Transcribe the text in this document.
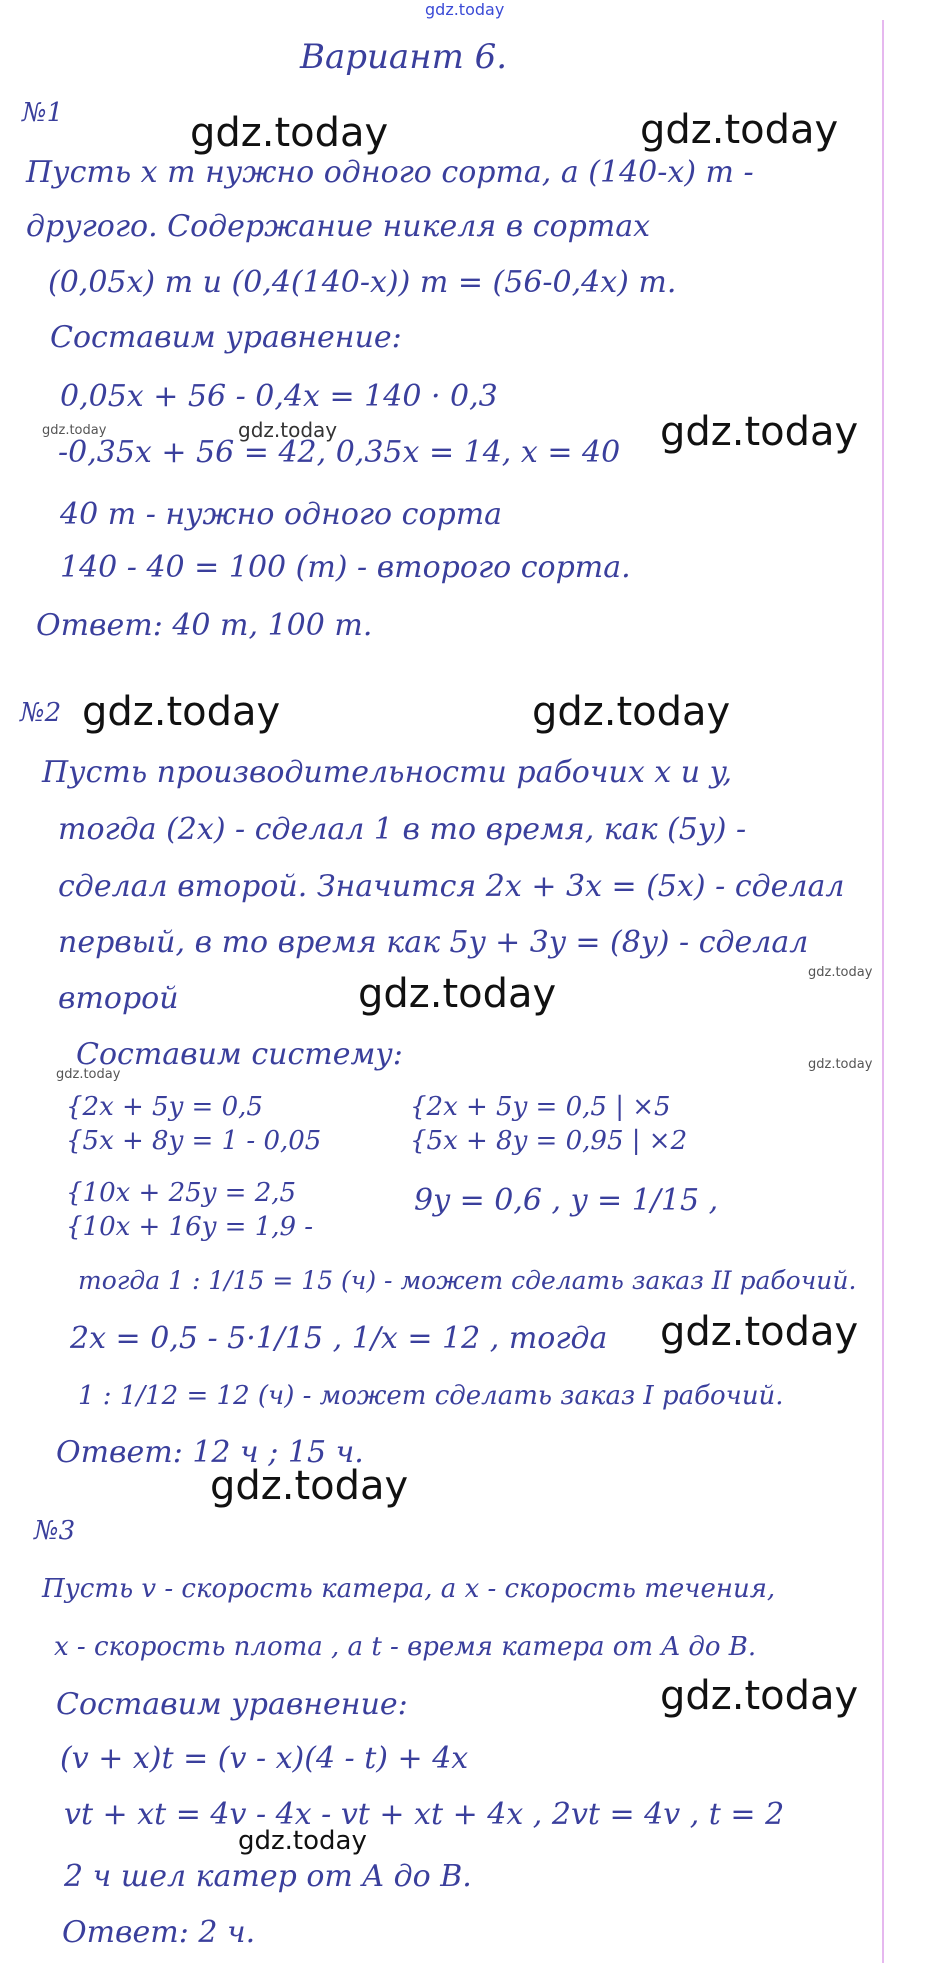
gdz.today
Вариант 6.
№1
Пусть x т нужно одного сорта, а (140-x) т -
другого. Содержание никеля в сортах
(0,05x) т и (0,4(140-x)) т = (56-0,4x) т.
Составим уравнение:
0,05x + 56 - 0,4x = 140 · 0,3
-0,35x + 56 = 42, 0,35x = 14, x = 40
40 т - нужно одного сорта
140 - 40 = 100 (т) - второго сорта.
Ответ: 40 т, 100 т.
gdz.today	gdz.today
gdz.today	gdz.today	gdz.today
№2 gdz.today	gdz.today
Пусть производительности рабочих x и y,
тогда (2x) - сделал 1 в то время, как (5y) -
сделал второй. Значится 2x + 3x = (5x) - сделал
первый, в то время как 5y + 3y = (8y) - сделал
второй	gdz.today	gdz.today
Составим систему:
gdz.today
gdz.today
{2x + 5y = 0,5
{5x + 8y = 1 - 0,05
{2x + 5y = 0,5 | ×5
{5x + 8y = 0,95 | ×2
{10x + 25y = 2,5
{10x + 16y = 1,9 -
9y = 0,6 , y = 1/15 ,
тогда 1 : 1/15 = 15 (ч) - может сделать заказ II рабочий.
2x = 0,5 - 5·1/15 , 1/x = 12 , тогда gdz.today
1 : 1/12 = 12 (ч) - может сделать заказ I рабочий.
Ответ: 12 ч ; 15 ч.
gdz.today
№3
Пусть v - скорость катера, а x - скорость течения,
x - скорость плота , а t - время катера от A до B.
Составим уравнение:	gdz.today
(v + x)t = (v - x)(4 - t) + 4x
vt + xt = 4v - 4x - vt + xt + 4x , 2vt = 4v , t = 2
gdz.today
2 ч шел катер от A до B.
Ответ: 2 ч.
